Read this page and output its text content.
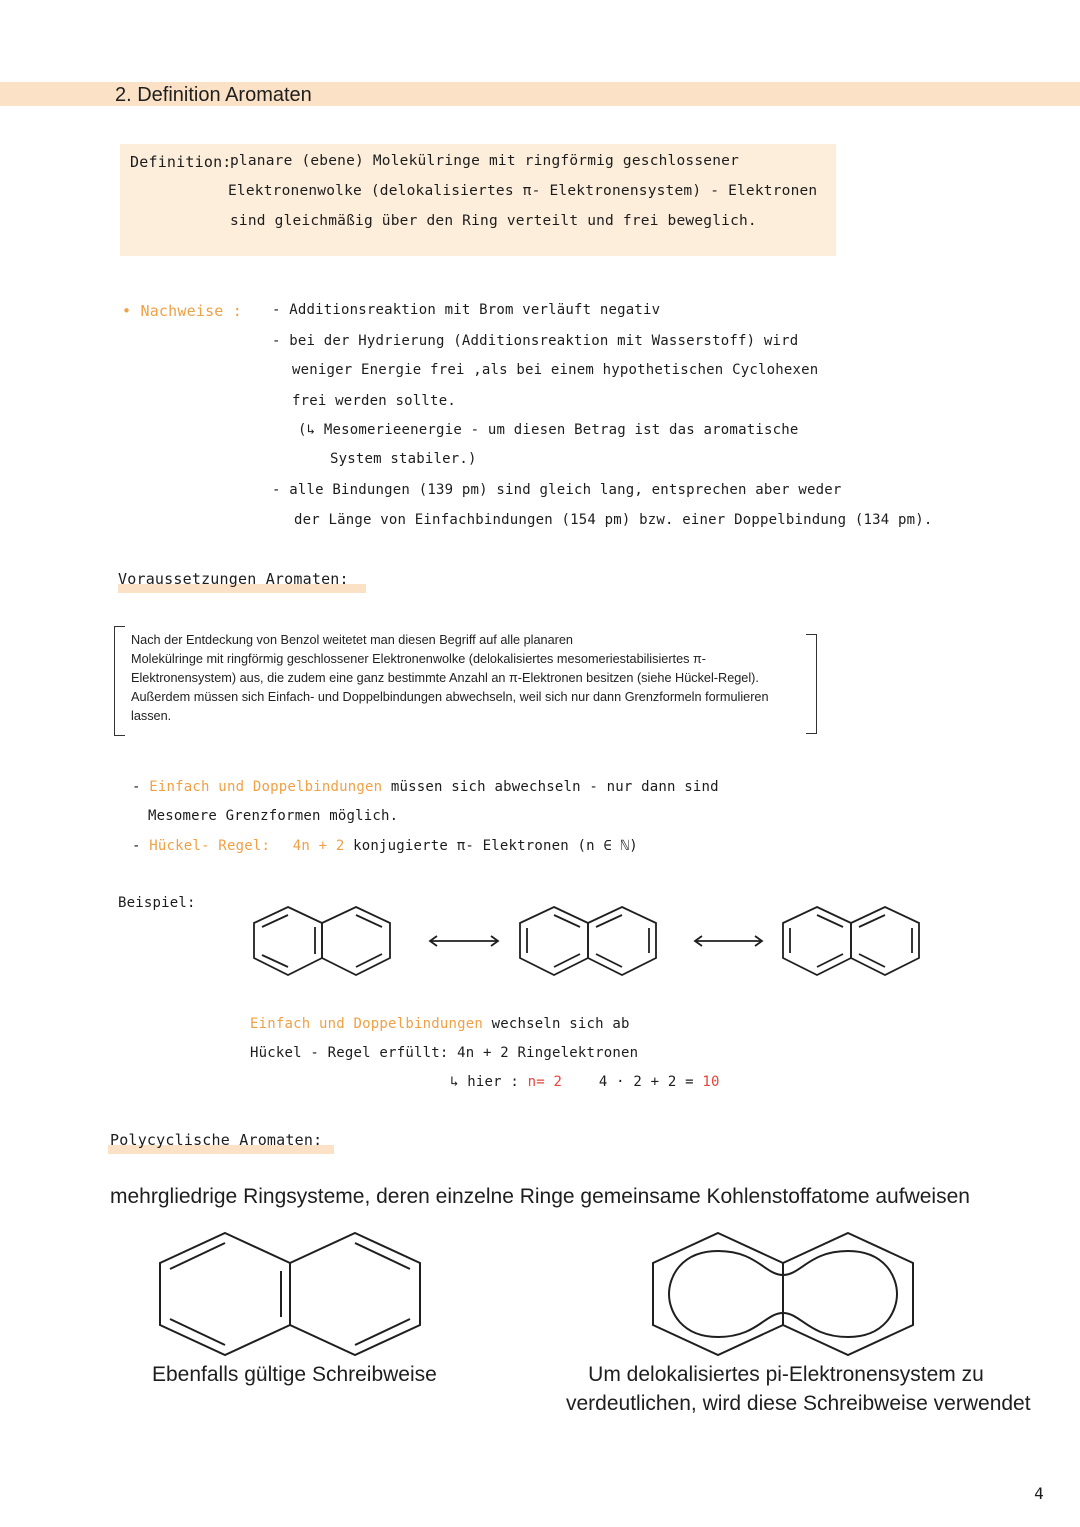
2. Definition Aromaten
Definition:
planare (ebene) Molekülringe mit ringförmig geschlossener
Elektronenwolke (delokalisiertes π- Elektronensystem) - Elektronen
sind gleichmäßig über den Ring verteilt und frei beweglich.
• Nachweise : - Additionsreaktion mit Brom verläuft negativ
- bei der Hydrierung (Additionsreaktion mit Wasserstoff) wird
weniger Energie frei ,als bei einem hypothetischen Cyclohexen
frei werden sollte.
(↳ Mesomerieenergie - um diesen Betrag ist das aromatische
System stabiler.)
- alle Bindungen (139 pm) sind gleich lang, entsprechen aber weder
der Länge von Einfachbindungen (154 pm) bzw. einer Doppelbindung (134 pm).
Voraussetzungen Aromaten:
Nach der Entdeckung von Benzol weitetet man diesen Begriff auf alle planaren
Molekülringe mit ringförmig geschlossener Elektronenwolke (delokalisiertes mesomeriestabilisiertes π-
Elektronensystem) aus, die zudem eine ganz bestimmte Anzahl an π-Elektronen besitzen (siehe Hückel-Regel).
Außerdem müssen sich Einfach- und Doppelbindungen abwechseln, weil sich nur dann Grenzformeln formulieren
lassen.
- Einfach und Doppelbindungen müssen sich abwechseln - nur dann sind
Mesomere Grenzformen möglich.
- Hückel- Regel: 4n + 2 konjugierte π- Elektronen (n ∈ ℕ)
Beispiel:
Einfach und Doppelbindungen wechseln sich ab
Hückel - Regel erfüllt: 4n + 2 Ringelektronen
↳ hier : n= 2	4 · 2 + 2 = 10
Polycyclische Aromaten:
mehrgliedrige Ringsysteme, deren einzelne Ringe gemeinsame Kohlenstoffatome aufweisen
Ebenfalls gültige Schreibweise	Um delokalisiertes pi-Elektronensystem zu
verdeutlichen, wird diese Schreibweise verwendet
4
